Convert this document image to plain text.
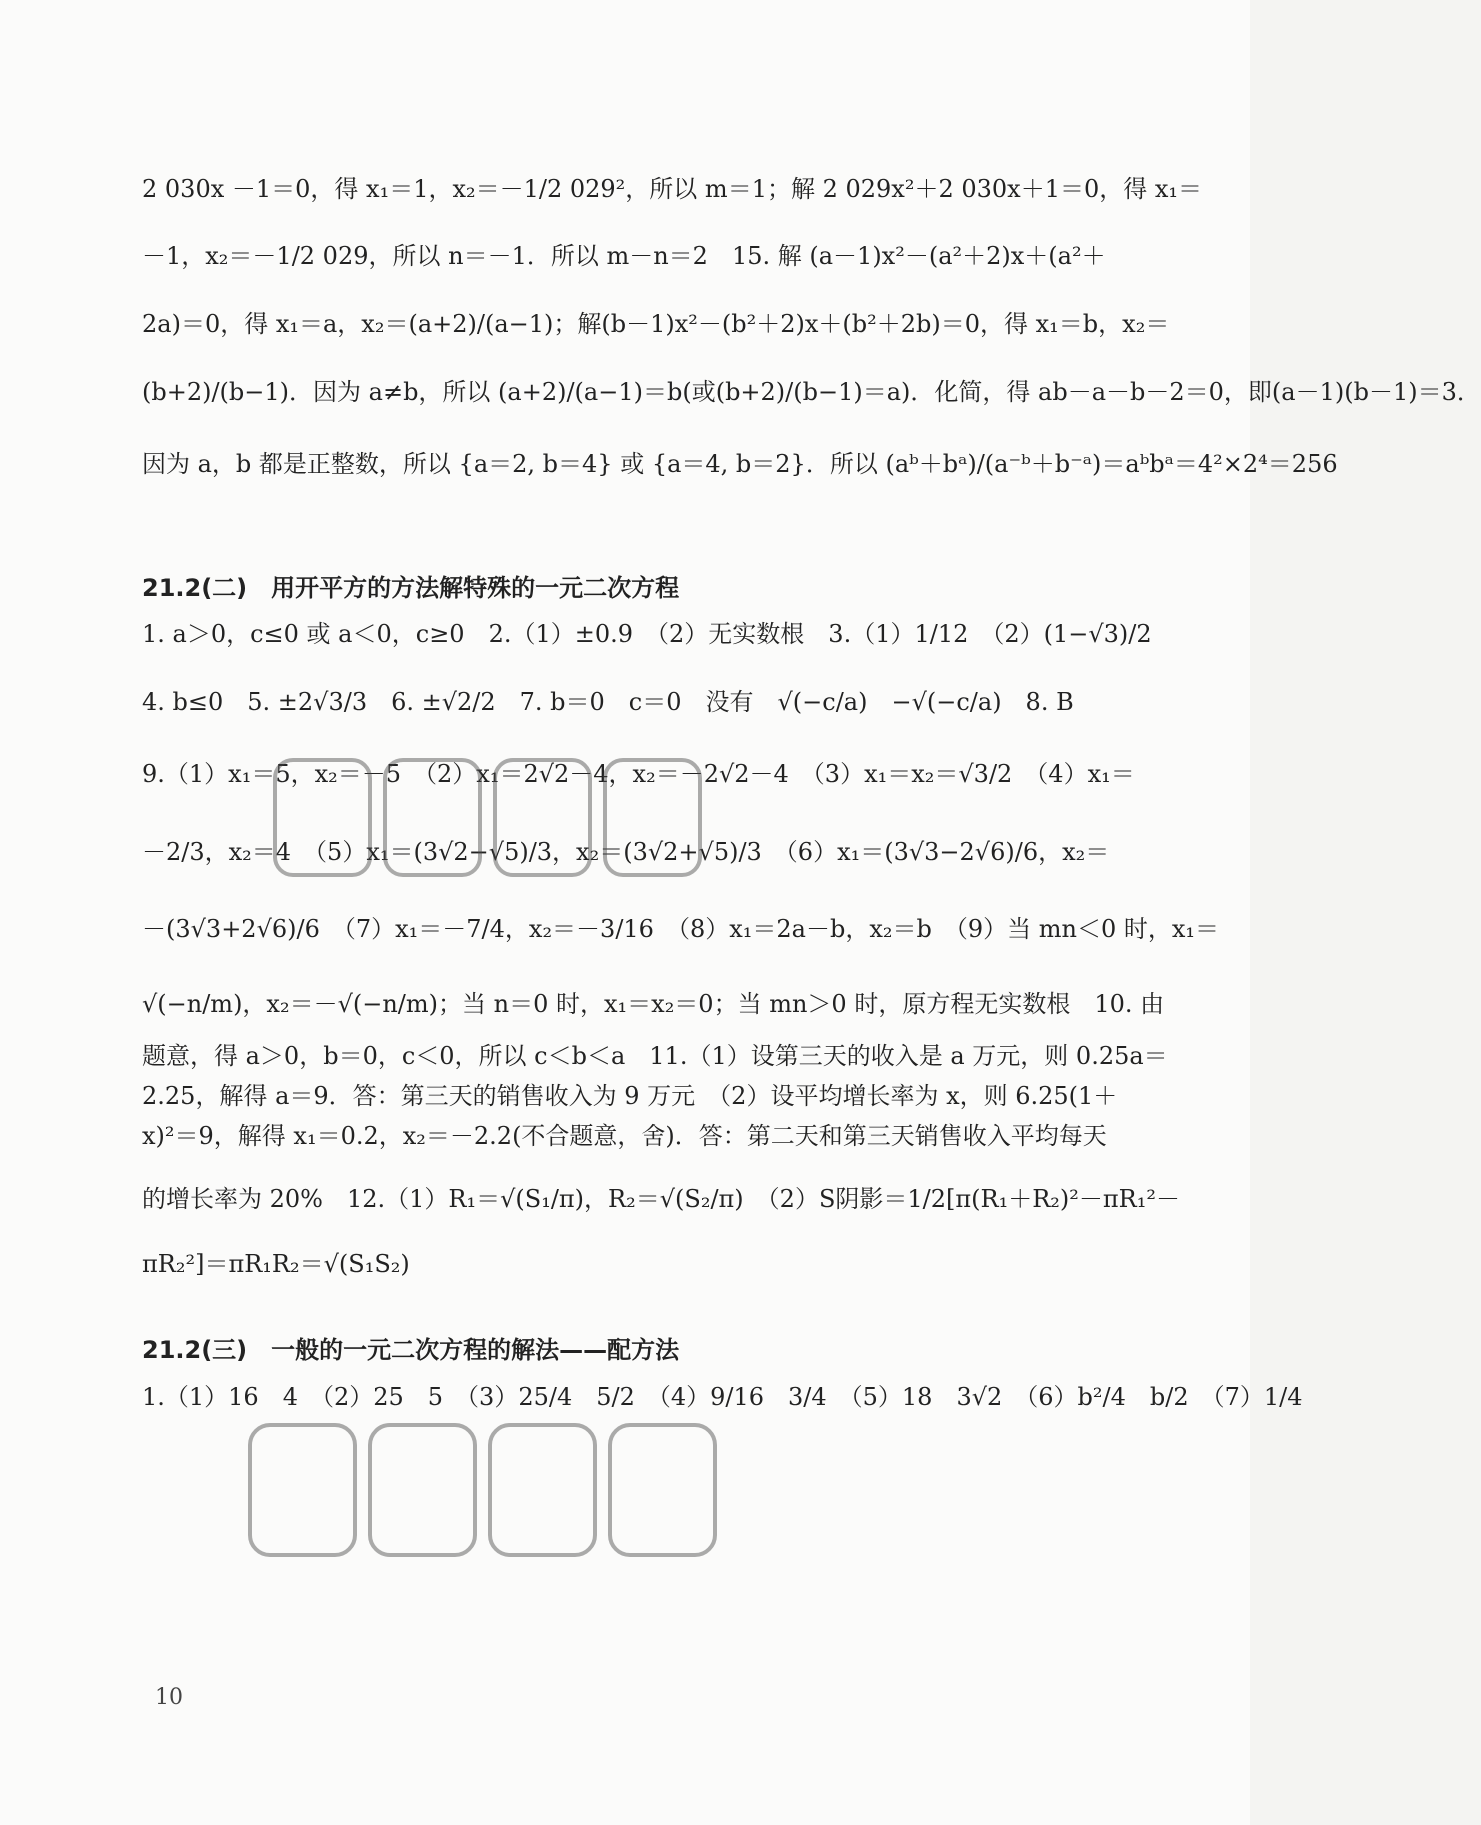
2 030x －1＝0，得 x₁＝1，x₂＝－1/2 029²，所以 m＝1；解 2 029x²＋2 030x＋1＝0，得 x₁＝
－1，x₂＝－1/2 029，所以 n＝－1．所以 m－n＝2　15. 解 (a－1)x²－(a²＋2)x＋(a²＋
2a)＝0，得 x₁＝a，x₂＝(a+2)/(a−1)；解(b－1)x²－(b²＋2)x＋(b²＋2b)＝0，得 x₁＝b，x₂＝
(b+2)/(b−1)．因为 a≠b，所以 (a+2)/(a−1)＝b(或(b+2)/(b−1)＝a)．化简，得 ab－a－b－2＝0，即(a－1)(b－1)＝3．
因为 a，b 都是正整数，所以 {a＝2, b＝4} 或 {a＝4, b＝2}．所以 (aᵇ＋bᵃ)/(a⁻ᵇ＋b⁻ᵃ)＝aᵇbᵃ＝4²×2⁴＝256
21.2(二)　用开平方的方法解特殊的一元二次方程
1. a＞0，c≤0 或 a＜0，c≥0　2.（1）±0.9　（2）无实数根　3.（1）1/12　（2）(1−√3)/2
4. b≤0　5. ±2√3/3　6. ±√2/2　7. b＝0　c＝0　没有　√(−c/a)　−√(−c/a)　8. B
9.（1）x₁＝5，x₂＝－5　（2）x₁＝2√2－4，x₂＝－2√2－4　（3）x₁＝x₂＝√3/2　（4）x₁＝
－2/3，x₂＝4　（5）x₁＝(3√2−√5)/3，x₂＝(3√2+√5)/3　（6）x₁＝(3√3−2√6)/6，x₂＝
－(3√3+2√6)/6　（7）x₁＝－7/4，x₂＝－3/16　（8）x₁＝2a－b，x₂＝b　（9）当 mn＜0 时，x₁＝
√(−n/m)，x₂＝－√(−n/m)；当 n＝0 时，x₁＝x₂＝0；当 mn＞0 时，原方程无实数根　10. 由
题意，得 a＞0，b＝0，c＜0，所以 c＜b＜a　11.（1）设第三天的收入是 a 万元，则 0.25a＝
2.25，解得 a＝9．答：第三天的销售收入为 9 万元　（2）设平均增长率为 x，则 6.25(1＋
x)²＝9，解得 x₁＝0.2，x₂＝－2.2(不合题意，舍)．答：第二天和第三天销售收入平均每天
的增长率为 20%　12.（1）R₁＝√(S₁/π)，R₂＝√(S₂/π)　（2）S阴影＝1/2[π(R₁＋R₂)²－πR₁²－
πR₂²]＝πR₁R₂＝√(S₁S₂)
21.2(三)　一般的一元二次方程的解法——配方法
1.（1）16　4　（2）25　5　（3）25/4　5/2　（4）9/16　3/4　（5）18　3√2　（6）b²/4　b/2　（7）1/4
10
